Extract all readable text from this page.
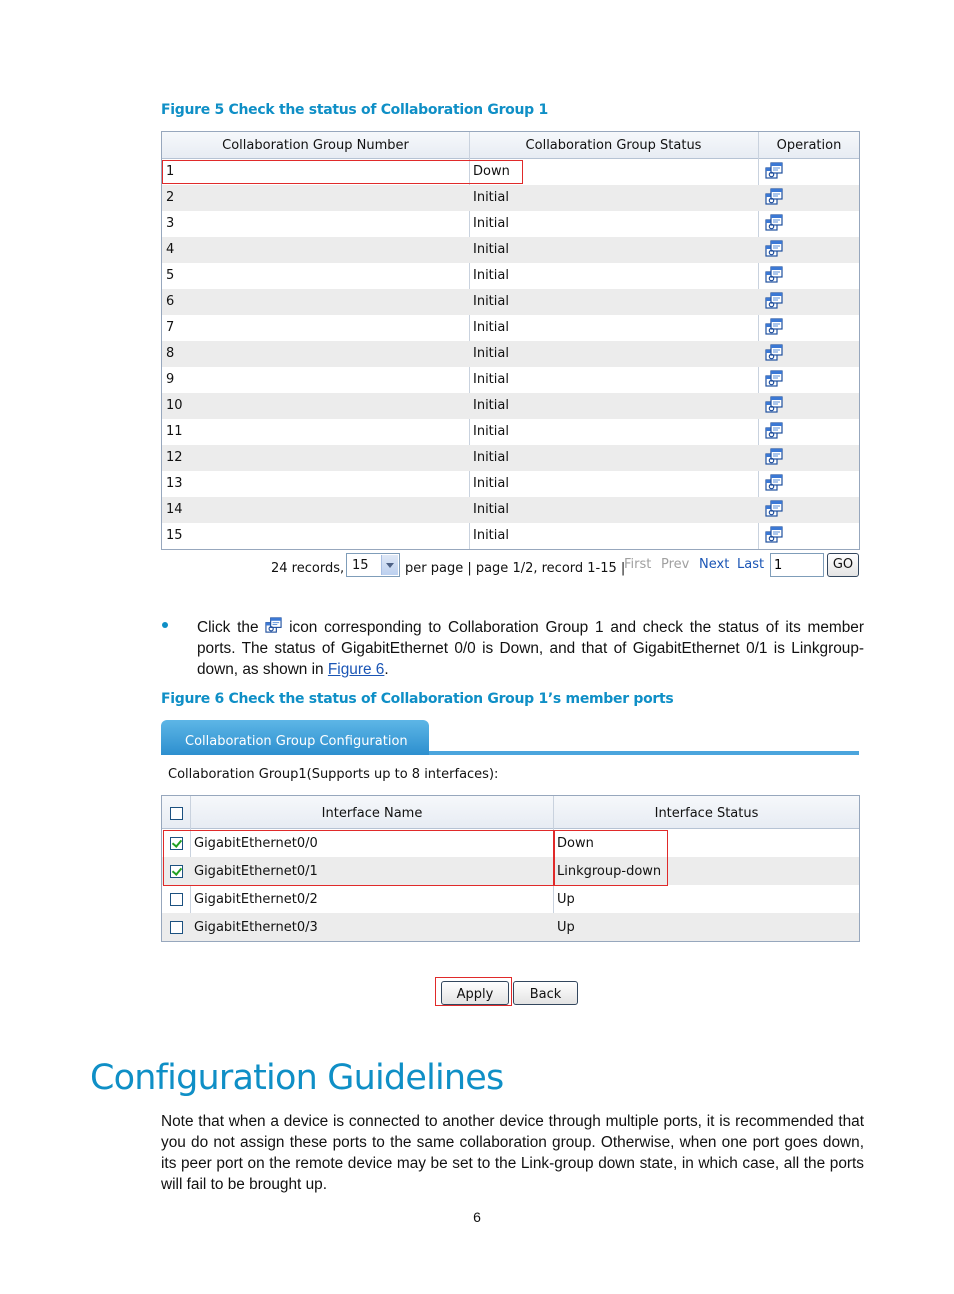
Figure 5 Check the status of Collaboration Group 1
Collaboration Group Number	Collaboration Group Status	Operation
1	Down
2	Initial
3	Initial
4	Initial
5	Initial
6	Initial
7	Initial
8	Initial
9	Initial
10	Initial
11	Initial
12	Initial
13	Initial
14	Initial
15	Initial
24 records, 15	per page | page 1/2, record 1-15 |
First Prev Next Last
1	GO
Click the icon corresponding to Collaboration Group 1 and check the status of its member ports. The status of GigabitEthernet 0/0 is Down, and that of GigabitEthernet 0/1 is Linkgroup-down, as shown in Figure 6.
Figure 6 Check the status of Collaboration Group 1’s member ports
Collaboration Group Configuration
Collaboration Group1(Supports up to 8 interfaces):
Interface Name	Interface Status
GigabitEthernet0/0	Down
GigabitEthernet0/1	Linkgroup-down
GigabitEthernet0/2	Up
GigabitEthernet0/3	Up
Apply	Back
Configuration Guidelines
Note that when a device is connected to another device through multiple ports, it is recommended that you do not assign these ports to the same collaboration group. Otherwise, when one port goes down, its peer port on the remote device may be set to the Link-group down state, in which case, all the ports will fail to be brought up.
6
